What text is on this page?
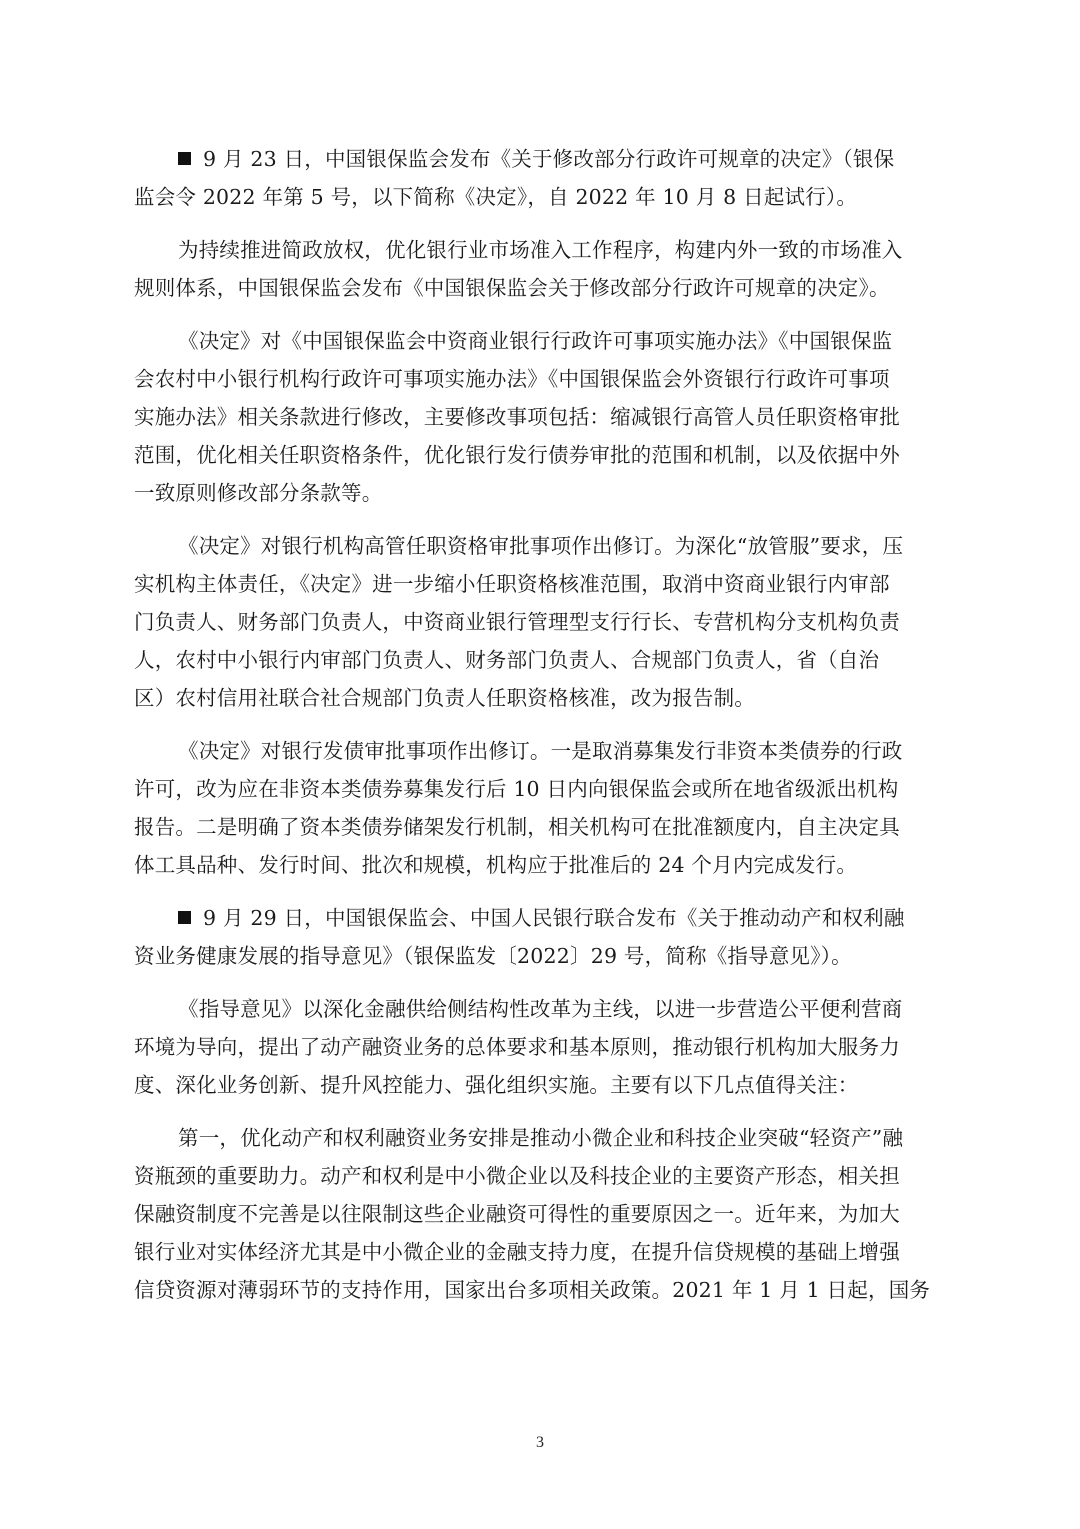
9 月 23 日，中国银保监会发布《关于修改部分行政许可规章的决定》（银保
监会令 2022 年第 5 号，以下简称《决定》，自 2022 年 10 月 8 日起试行）。

为持续推进简政放权，优化银行业市场准入工作程序，构建内外一致的市场准入
规则体系，中国银保监会发布《中国银保监会关于修改部分行政许可规章的决定》。

《决定》对《中国银保监会中资商业银行行政许可事项实施办法》《中国银保监
会农村中小银行机构行政许可事项实施办法》《中国银保监会外资银行行政许可事项
实施办法》相关条款进行修改，主要修改事项包括：缩减银行高管人员任职资格审批
范围，优化相关任职资格条件，优化银行发行债券审批的范围和机制，以及依据中外
一致原则修改部分条款等。

《决定》对银行机构高管任职资格审批事项作出修订。为深化“放管服”要求，压
实机构主体责任，《决定》进一步缩小任职资格核准范围，取消中资商业银行内审部
门负责人、财务部门负责人，中资商业银行管理型支行行长、专营机构分支机构负责
人，农村中小银行内审部门负责人、财务部门负责人、合规部门负责人，省（自治
区）农村信用社联合社合规部门负责人任职资格核准，改为报告制。

《决定》对银行发债审批事项作出修订。一是取消募集发行非资本类债券的行政
许可，改为应在非资本类债券募集发行后 10 日内向银保监会或所在地省级派出机构
报告。二是明确了资本类债券储架发行机制，相关机构可在批准额度内，自主决定具
体工具品种、发行时间、批次和规模，机构应于批准后的 24 个月内完成发行。

9 月 29 日，中国银保监会、中国人民银行联合发布《关于推动动产和权利融
资业务健康发展的指导意见》（银保监发〔2022〕29 号，简称《指导意见》）。

《指导意见》以深化金融供给侧结构性改革为主线，以进一步营造公平便利营商
环境为导向，提出了动产融资业务的总体要求和基本原则，推动银行机构加大服务力
度、深化业务创新、提升风控能力、强化组织实施。主要有以下几点值得关注：

第一，优化动产和权利融资业务安排是推动小微企业和科技企业突破“轻资产”融
资瓶颈的重要助力。动产和权利是中小微企业以及科技企业的主要资产形态，相关担
保融资制度不完善是以往限制这些企业融资可得性的重要原因之一。近年来，为加大
银行业对实体经济尤其是中小微企业的金融支持力度，在提升信贷规模的基础上增强
信贷资源对薄弱环节的支持作用，国家出台多项相关政策。2021 年 1 月 1 日起，国务

3
